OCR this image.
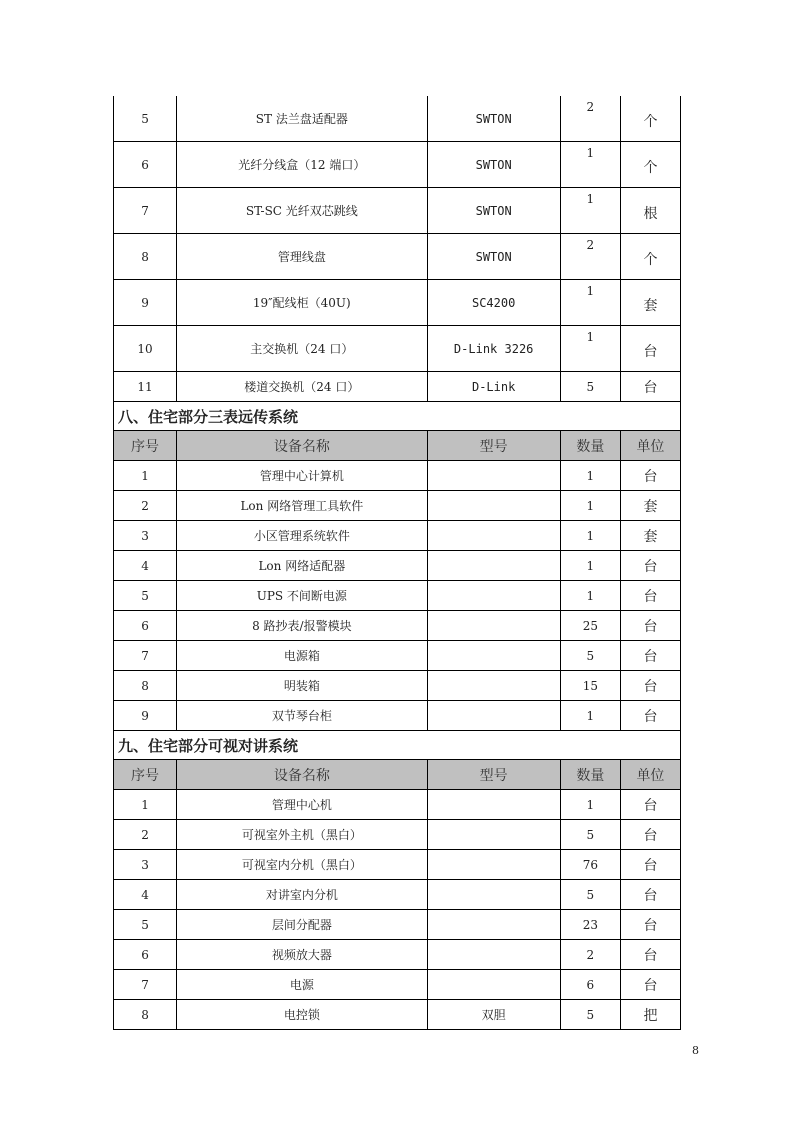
5	ST 法兰盘适配器	SWTON	2	个
6	光纤分线盒（12 端口）	SWTON	1	个
7	ST-SC 光纤双芯跳线	SWTON	1	根
8	管理线盘	SWTON	2	个
9	19″配线柜（40U)	SC4200	1	套
10	主交换机（24 口）	D-Link 3226	1	台
11	楼道交换机（24 口）	D-Link	5	台
八、住宅部分三表远传系统				
序号	设备名称	型号	数量	单位
1	管理中心计算机		1	台
2	Lon 网络管理工具软件		1	套
3	小区管理系统软件		1	套
4	Lon 网络适配器		1	台
5	UPS 不间断电源		1	台
6	8 路抄表/报警模块		25	台
7	电源箱		5	台
8	明装箱		15	台
9	双节琴台柜		1	台
九、住宅部分可视对讲系统				
序号	设备名称	型号	数量	单位
1	管理中心机		1	台
2	可视室外主机（黑白）		5	台
3	可视室内分机（黑白）		76	台
4	对讲室内分机		5	台
5	层间分配器		23	台
6	视频放大器		2	台
7	电源		6	台
8	电控锁	双胆	5	把
8
